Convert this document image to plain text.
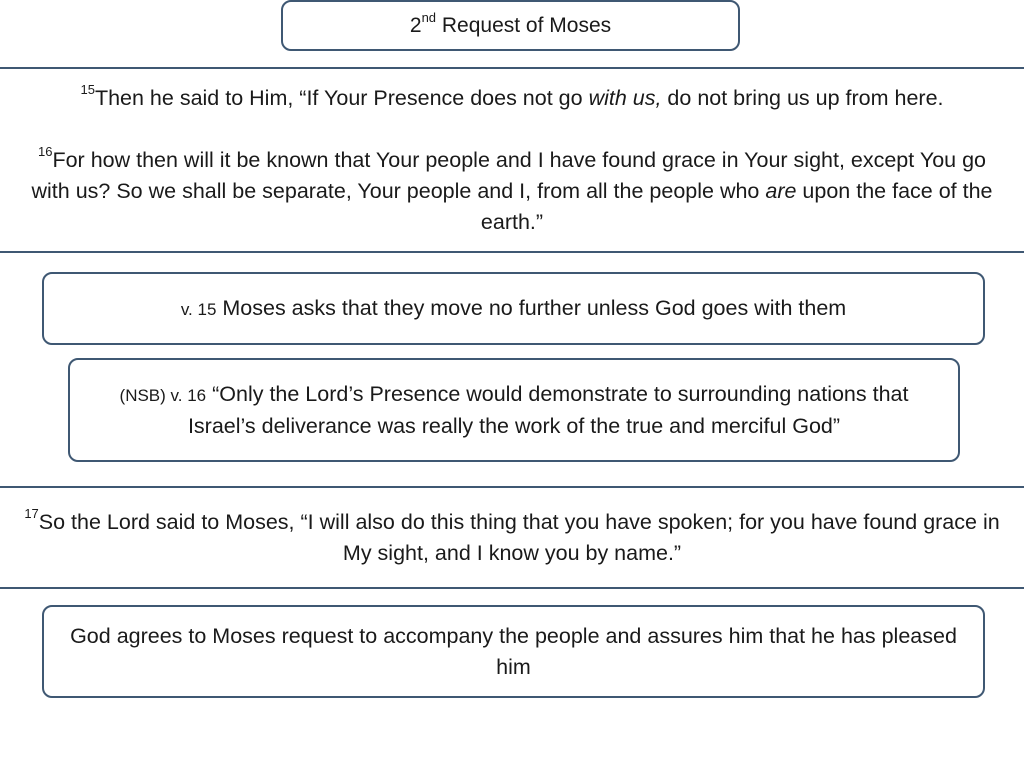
2nd Request of Moses
$^{15}$Then he said to Him, “If Your Presence does not go with us, do not bring us up from here.
$^{16}$For how then will it be known that Your people and I have found grace in Your sight, except You go with us? So we shall be separate, Your people and I, from all the people who are upon the face of the earth.”
v. 15 Moses asks that they move no further unless God goes with them
(NSB) v. 16 “Only the Lord’s Presence would demonstrate to surrounding nations that Israel’s deliverance was really the work of the true and merciful God”
$^{17}$So the Lord said to Moses, “I will also do this thing that you have spoken; for you have found grace in My sight, and I know you by name.”
God agrees to Moses request to accompany the people and assures him that he has pleased him
